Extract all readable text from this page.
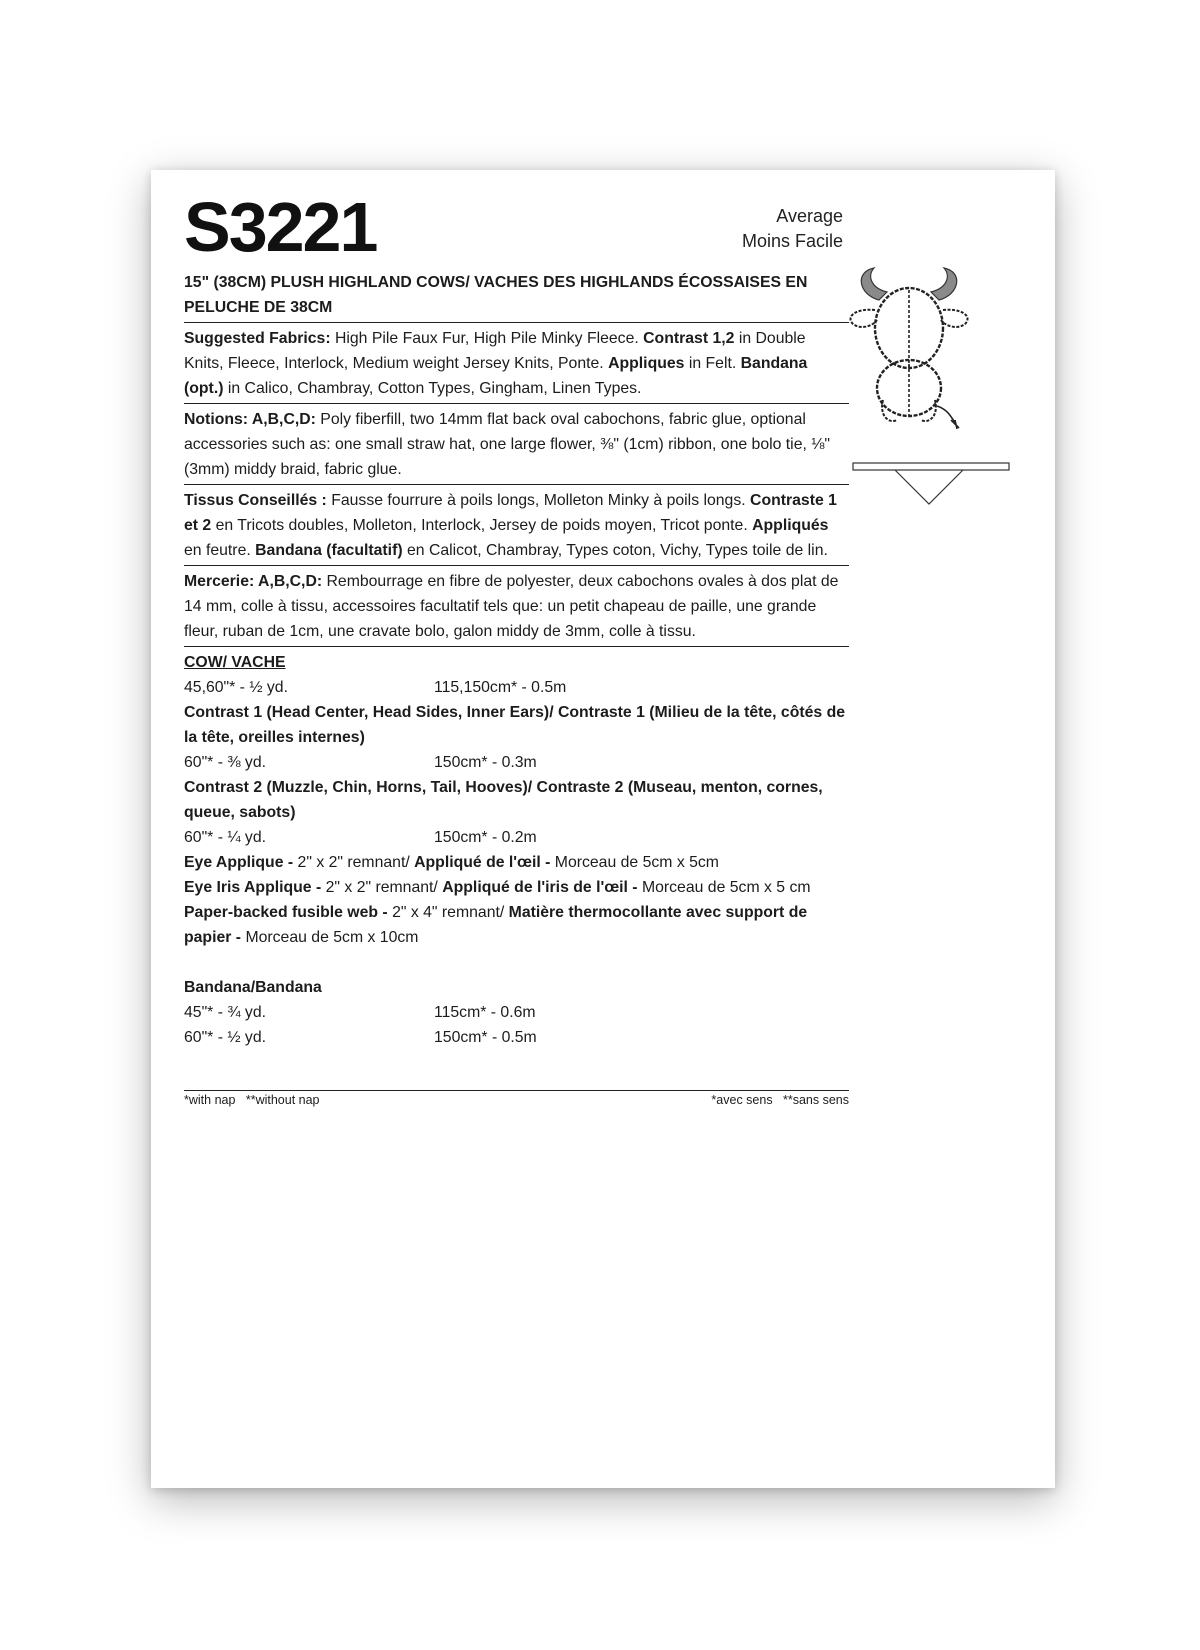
S3221	Average
Moins Facile
15" (38CM) PLUSH HIGHLAND COWS/ VACHES DES HIGHLANDS ÉCOSSAISES EN PELUCHE DE 38CM

Suggested Fabrics: High Pile Faux Fur, High Pile Minky Fleece. Contrast 1,2 in Double Knits, Fleece, Interlock, Medium weight Jersey Knits, Ponte. Appliques in Felt. Bandana (opt.) in Calico, Chambray, Cotton Types, Gingham, Linen Types.

Notions: A,B,C,D: Poly fiberfill, two 14mm flat back oval cabochons, fabric glue, optional accessories such as: one small straw hat, one large flower, ⅜" (1cm) ribbon, one bolo tie, ⅛" (3mm) middy braid, fabric glue.

Tissus Conseillés : Fausse fourrure à poils longs, Molleton Minky à poils longs. Contraste 1 et 2 en Tricots doubles, Molleton, Interlock, Jersey de poids moyen, Tricot ponte. Appliqués en feutre. Bandana (facultatif) en Calicot, Chambray, Types coton, Vichy, Types toile de lin.

Mercerie: A,B,C,D: Rembourrage en fibre de polyester, deux cabochons ovales à dos plat de 14 mm, colle à tissu, accessoires facultatif tels que: un petit chapeau de paille, une grande fleur, ruban de 1cm, une cravate bolo, galon middy de 3mm, colle à tissu.

COW/ VACHE
45,60"* - ½ yd.	115,150cm* - 0.5m
Contrast 1 (Head Center, Head Sides, Inner Ears)/ Contraste 1 (Milieu de la tête, côtés de la tête, oreilles internes)
60"* - ⅜ yd.	150cm* - 0.3m
Contrast 2 (Muzzle, Chin, Horns, Tail, Hooves)/ Contraste 2 (Museau, menton, cornes, queue, sabots)
60"* - ¼ yd.	150cm* - 0.2m
Eye Applique - 2" x 2" remnant/ Appliqué de l'œil - Morceau de 5cm x 5cm
Eye Iris Applique - 2" x 2" remnant/ Appliqué de l'iris de l'œil - Morceau de 5cm x 5 cm
Paper-backed fusible web - 2" x 4" remnant/ Matière thermocollante avec support de papier - Morceau de 5cm x 10cm
Bandana/Bandana
45"* - ¾ yd.	115cm* - 0.6m
60"* - ½ yd.	150cm* - 0.5m
*with nap   **without nap	*avec sens   **sans sens
